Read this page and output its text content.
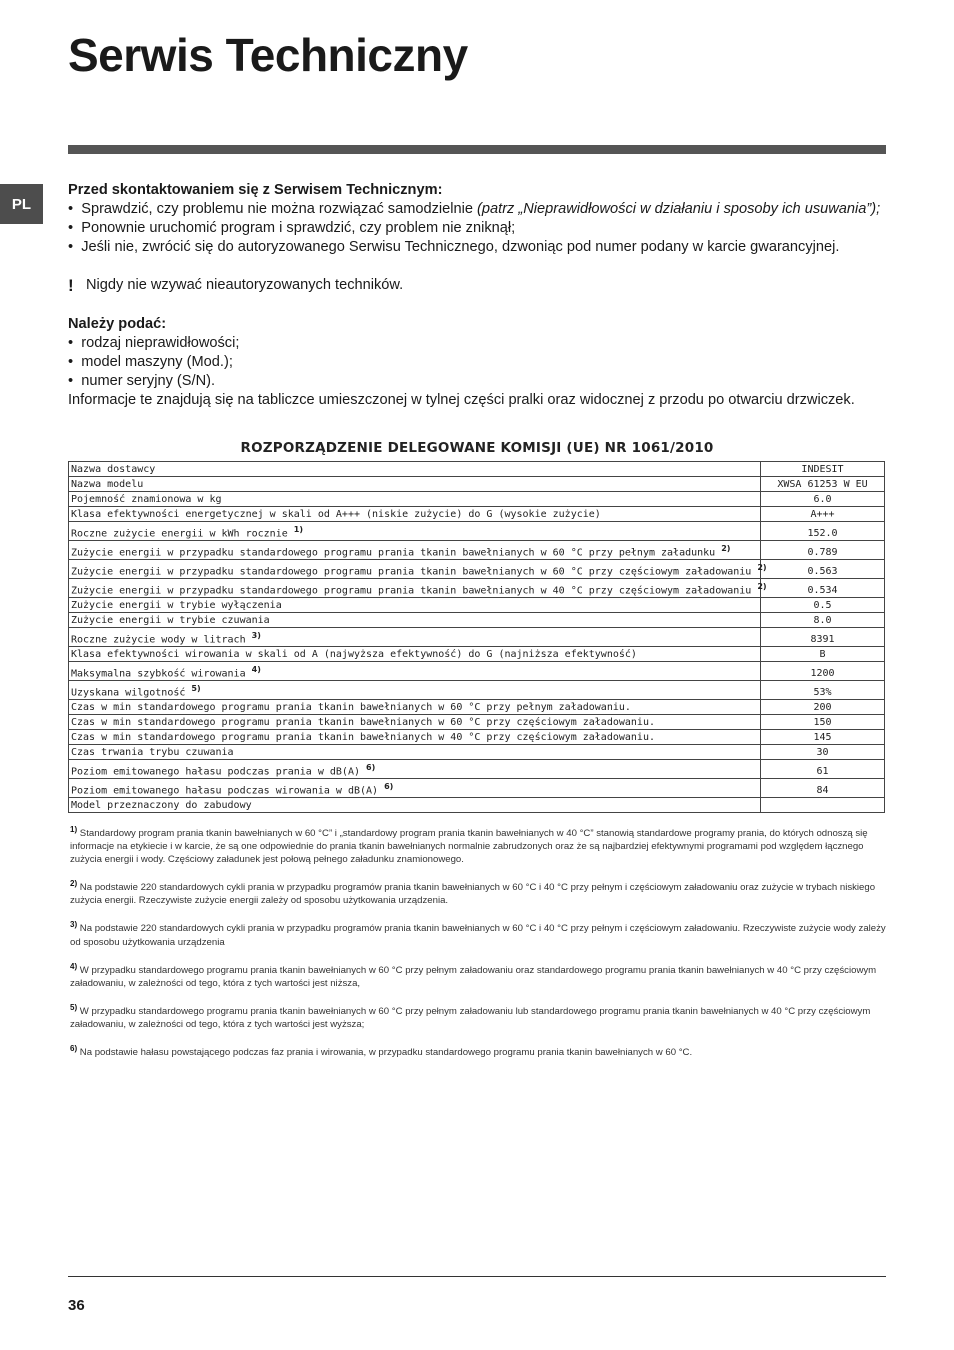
Serwis Techniczny
PL

Przed skontaktowaniem się z Serwisem Technicznym:

•  Sprawdzić, czy problemu nie można rozwiązać samodzielnie (patrz „Nieprawidłowości w działaniu i sposoby ich usuwania”);

•  Ponownie uruchomić program i sprawdzić, czy problem nie zniknął;

•  Jeśli nie, zwrócić się do autoryzowanego Serwisu Technicznego, dzwoniąc pod numer podany w karcie gwarancyjnej.

! Nigdy nie wzywać nieautoryzowanych techników.

Należy podać:

•  rodzaj nieprawidłowości;

•  model maszyny (Mod.);

•  numer seryjny (S/N).

Informacje te znajdują się na tabliczce umieszczonej w tylnej części pralki oraz widocznej z przodu po otwarciu drzwiczek.

ROZPORZĄDZENIE DELEGOWANE KOMISJI (UE) NR 1061/2010
Nazwa dostawcy	INDESIT
Nazwa modelu	XWSA 61253 W EU
Pojemność znamionowa w kg	6.0
Klasa efektywności energetycznej w skali od A+++ (niskie zużycie) do G (wysokie zużycie)	A+++
Roczne zużycie energii w kWh rocznie $^{1)}$	152.0
Zużycie energii w przypadku standardowego programu prania tkanin bawełnianych w 60 °C przy pełnym załadunku $^{2)}$	0.789
Zużycie energii w przypadku standardowego programu prania tkanin bawełnianych w 60 °C przy częściowym załadowaniu $^{2)}$	0.563
Zużycie energii w przypadku standardowego programu prania tkanin bawełnianych w 40 °C przy częściowym załadowaniu $^{2)}$	0.534
Zużycie energii w trybie wyłączenia	0.5
Zużycie energii w trybie czuwania	8.0
Roczne zużycie wody w litrach $^{3)}$	8391
Klasa efektywności wirowania w skali od A (najwyższa efektywność) do G (najniższa efektywność)	B
Maksymalna szybkość wirowania $^{4)}$	1200
Uzyskana wilgotność $^{5)}$	53%
Czas w min standardowego programu prania tkanin bawełnianych w 60 °C przy pełnym załadowaniu.	200
Czas w min standardowego programu prania tkanin bawełnianych w 60 °C przy częściowym załadowaniu.	150
Czas w min standardowego programu prania tkanin bawełnianych w 40 °C przy częściowym załadowaniu.	145
Czas trwania trybu czuwania	30
Poziom emitowanego hałasu podczas prania w dB(A) $^{6)}$	61
Poziom emitowanego hałasu podczas wirowania w dB(A) $^{6)}$	84
Model przeznaczony do zabudowy	

$^{1)}$ Standardowy program prania tkanin bawełnianych w 60 °C” i „standardowy program prania tkanin bawełnianych w 40 °C” stanowią standardowe programy prania, do których odnoszą się informacje na etykiecie i w karcie, że są one odpowiednie do prania tkanin bawełnianych normalnie zabrudzonych oraz że są najbardziej efektywnymi programami pod względem łącznego zużycia energii i wody. Częściowy załadunek jest połową pełnego załadunku znamionowego.

$^{2)}$ Na podstawie 220 standardowych cykli prania w przypadku programów prania tkanin bawełnianych w 60 °C i 40 °C przy pełnym i częściowym załadowaniu oraz zużycie w trybach niskiego zużycia energii. Rzeczywiste zużycie energii zależy od sposobu użytkowania urządzenia.

$^{3)}$ Na podstawie 220 standardowych cykli prania w przypadku programów prania tkanin bawełnianych w 60 °C i 40 °C przy pełnym i częściowym załadowaniu. Rzeczywiste zużycie wody zależy od sposobu użytkowania urządzenia

$^{4)}$ W przypadku standardowego programu prania tkanin bawełnianych w 60 °C przy pełnym załadowaniu oraz standardowego programu prania tkanin bawełnianych w 40 °C przy częściowym załadowaniu, w zależności od tego, która z tych wartości jest niższa,

$^{5)}$ W przypadku standardowego programu prania tkanin bawełnianych w 60 °C przy pełnym załadowaniu lub standardowego programu prania tkanin bawełnianych w 40 °C przy częściowym załadowaniu, w zależności od tego, która z tych wartości jest wyższa;

$^{6)}$ Na podstawie hałasu powstającego podczas faz prania i wirowania, w przypadku standardowego programu prania tkanin bawełnianych w 60 °C.

36
